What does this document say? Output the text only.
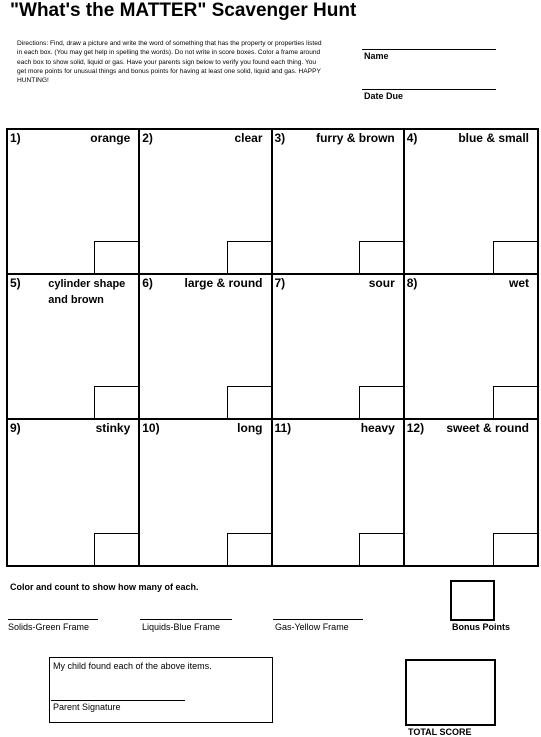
"What's the MATTER" Scavenger Hunt
Directions: Find, draw a picture and write the word of something that has the property or properties listed in each box. (You may get help in spelling the words). Do not write in score boxes. Color a frame around each box to show solid, liquid or gas. Have your parents sign below to verify you found each thing. You get more points for unusual things and bonus points for having at least one solid, liquid and gas. HAPPY HUNTING!
Name
Date Due
1)	orange 2)	clear 3)	furry & brown 4)	blue & small
5)	cylinder shape and brown
6)	large & round 7)	sour 8)	wet
9)	stinky 10)	long 11)	heavy 12) sweet & round
Color and count to show how many of each.
Solids-Green Frame	Liquids-Blue Frame	Gas-Yellow Frame	Bonus Points
My child found each of the above items.
Parent Signature
TOTAL SCORE
